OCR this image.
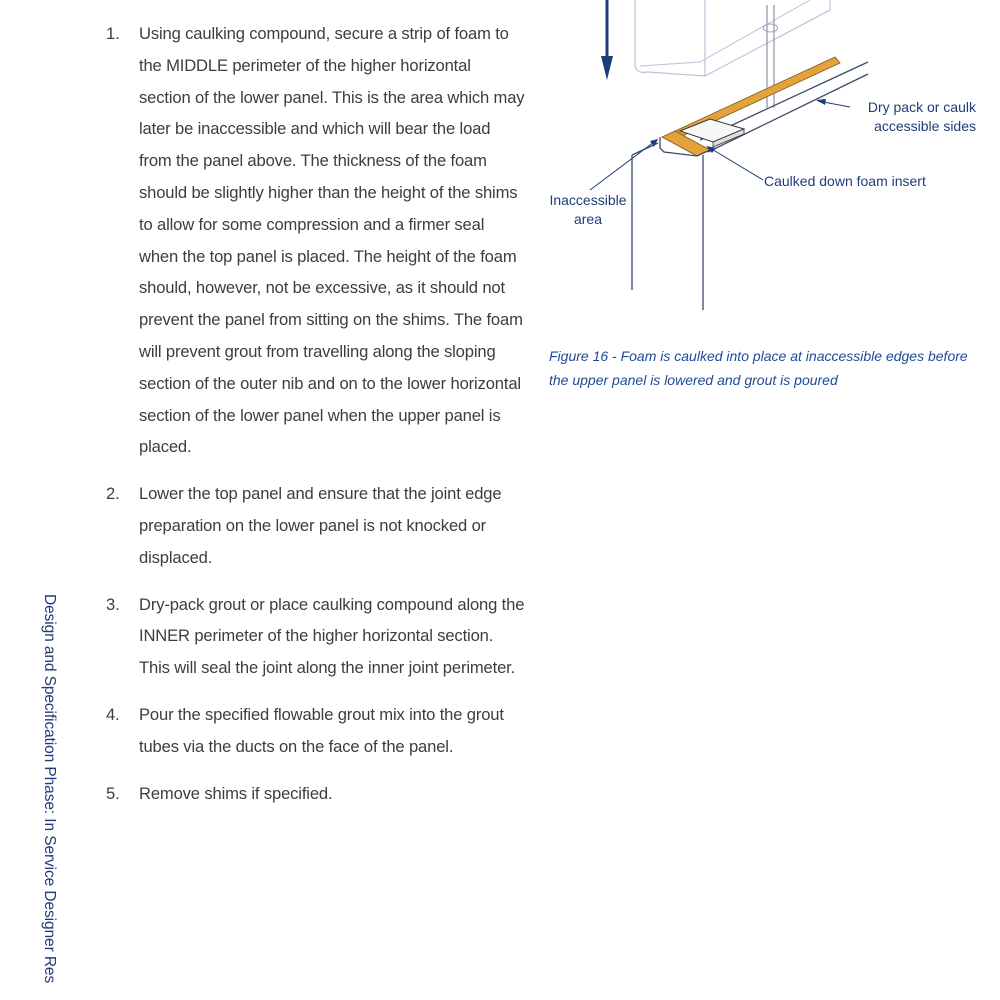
1.	Using caulking compound, secure a strip of foam to the MIDDLE perimeter of the higher horizontal section of the lower panel. This is the area which may later be inaccessible and which will bear the load from the panel above. The thickness of the foam should be slightly higher than the height of the shims to allow for some compression and a firmer seal when the top panel is placed. The height of the foam should, however, not be excessive, as it should not prevent the panel from sitting on the shims. The foam will prevent grout from travelling along the sloping section of the outer nib and on to the lower horizontal section of the lower panel when the upper panel is placed.
2.	Lower the top panel and ensure that the joint edge preparation on the lower panel is not knocked or displaced.
3.	Dry-pack grout or place caulking compound along the INNER perimeter of the higher horizontal section. This will seal the joint along the inner joint perimeter.
4.	Pour the specified flowable grout mix into the grout tubes via the ducts on the face of the panel.
5.	Remove shims if specified.
Design and Specification Phase: In Service Designer Res
Dry pack or caulk
accessible sides
Caulked down foam insert
Inaccessible
area
Figure 16 - Foam is caulked into place at inaccessible edges before the upper panel is lowered and grout is poured
